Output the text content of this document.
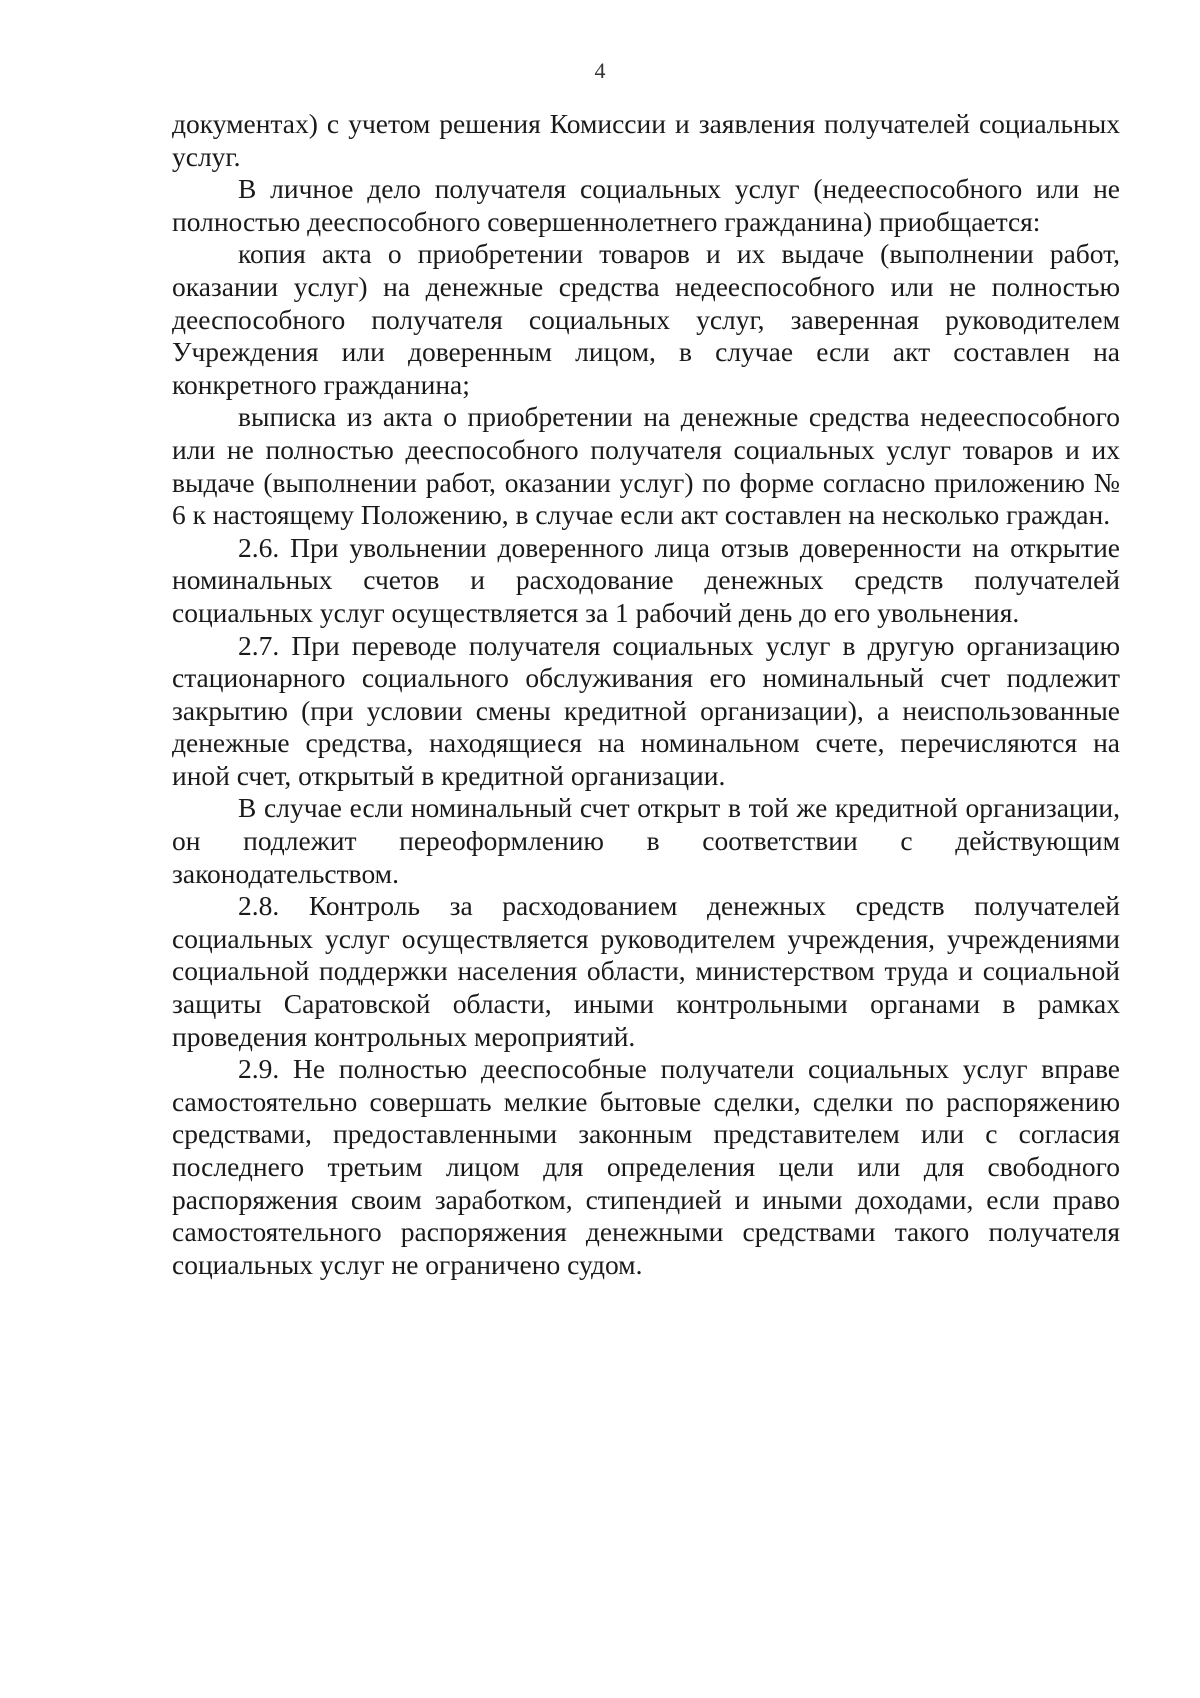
4

документах) с учетом решения Комиссии и заявления получателей социальных услуг.

В личное дело получателя социальных услуг (недееспособного или не полностью дееспособного совершеннолетнего гражданина) приобщается:

копия акта о приобретении товаров и их выдаче (выполнении работ, оказании услуг) на денежные средства недееспособного или не полностью дееспособного получателя социальных услуг, заверенная руководителем Учреждения или доверенным лицом, в случае если акт составлен на конкретного гражданина;

выписка из акта о приобретении на денежные средства недееспособного или не полностью дееспособного получателя социальных услуг товаров и их выдаче (выполнении работ, оказании услуг) по форме согласно приложению № 6 к настоящему Положению, в случае если акт составлен на несколько граждан.

2.6. При увольнении доверенного лица отзыв доверенности на открытие номинальных счетов и расходование денежных средств получателей социальных услуг осуществляется за 1 рабочий день до его увольнения.

2.7. При переводе получателя социальных услуг в другую организацию стационарного социального обслуживания его номинальный счет подлежит закрытию (при условии смены кредитной организации), а неиспользованные денежные средства, находящиеся на номинальном счете, перечисляются на иной счет, открытый в кредитной организации.

В случае если номинальный счет открыт в той же кредитной организации, он подлежит переоформлению в соответствии с действующим законодательством.

2.8. Контроль за расходованием денежных средств получателей социальных услуг осуществляется руководителем учреждения, учреждениями социальной поддержки населения области, министерством труда и социальной защиты Саратовской области, иными контрольными органами в рамках проведения контрольных мероприятий.

2.9. Не полностью дееспособные получатели социальных услуг вправе самостоятельно совершать мелкие бытовые сделки, сделки по распоряжению средствами, предоставленными законным представителем или с согласия последнего третьим лицом для определения цели или для свободного распоряжения своим заработком, стипендией и иными доходами, если право самостоятельного распоряжения денежными средствами такого получателя социальных услуг не ограничено судом.
